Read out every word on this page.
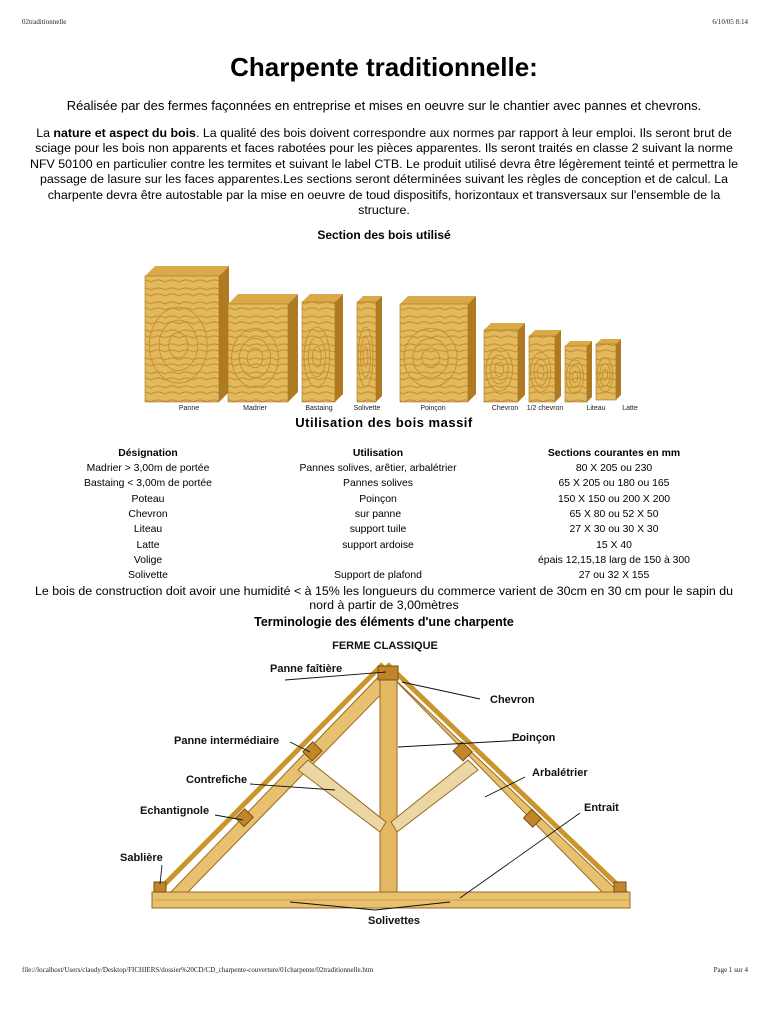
02traditionnelle	6/10/05 8:14
Charpente traditionnelle:
Réalisée par des fermes façonnées en entreprise et mises en oeuvre sur le chantier avec pannes et chevrons.
La nature et aspect du bois. La qualité des bois doivent correspondre aux normes par rapport à leur emploi. Ils seront brut de sciage pour les bois non apparents et faces rabotées pour les pièces apparentes. Ils seront traités en classe 2 suivant la norme NFV 50100 en particulier contre les termites et suivant le label CTB. Le produit utilisé devra être légèrement teinté et permettra le passage de lasure sur les faces apparentes.Les sections seront déterminées suivant les règles de conception et de calcul. La charpente devra être autostable par la mise en oeuvre de toud dispositifs, horizontaux et transversaux sur l'ensemble de la structure.
Section des bois utilisé
Panne	Madrier	Bastaing	Solivette	Poinçon	Chevron 1/2 chevron	Liteau Latte
Utilisation des bois massif
Désignation	Utilisation	Sections courantes en mm
Madrier > 3,00m de portée	Pannes solives, arêtier, arbalétrier	80 X 205 ou 230
Bastaing < 3,00m de portée	Pannes solives	65 X 205 ou 180 ou 165
Poteau	Poinçon	150 X 150 ou 200 X 200
Chevron	sur panne	65 X 80 ou 52 X 50
Liteau	support tuile	27 X 30 ou 30 X 30
Latte	support ardoise	15 X 40
Volige		épais 12,15,18 larg de 150 à 300
Solivette	Support de plafond	27 ou 32 X 155
Le bois de construction doit avoir une humidité < à 15% les longueurs du commerce varient de 30cm en 30 cm pour le sapin du nord à partir de 3,00mètres
Terminologie des éléments d'une charpente
FERME CLASSIQUE
Panne faîtière
Chevron
Panne intermédiaire	Poinçon
Contrefiche
Arbalétrier
Echantignole	Entrait
Sablière
Solivettes
file://localhost/Users/claudy/Desktop/FICHIERS/dossier%20CD/CD_charpente-couverture/01charpente/02traditionnelle.htm	Page 1 sur 4
